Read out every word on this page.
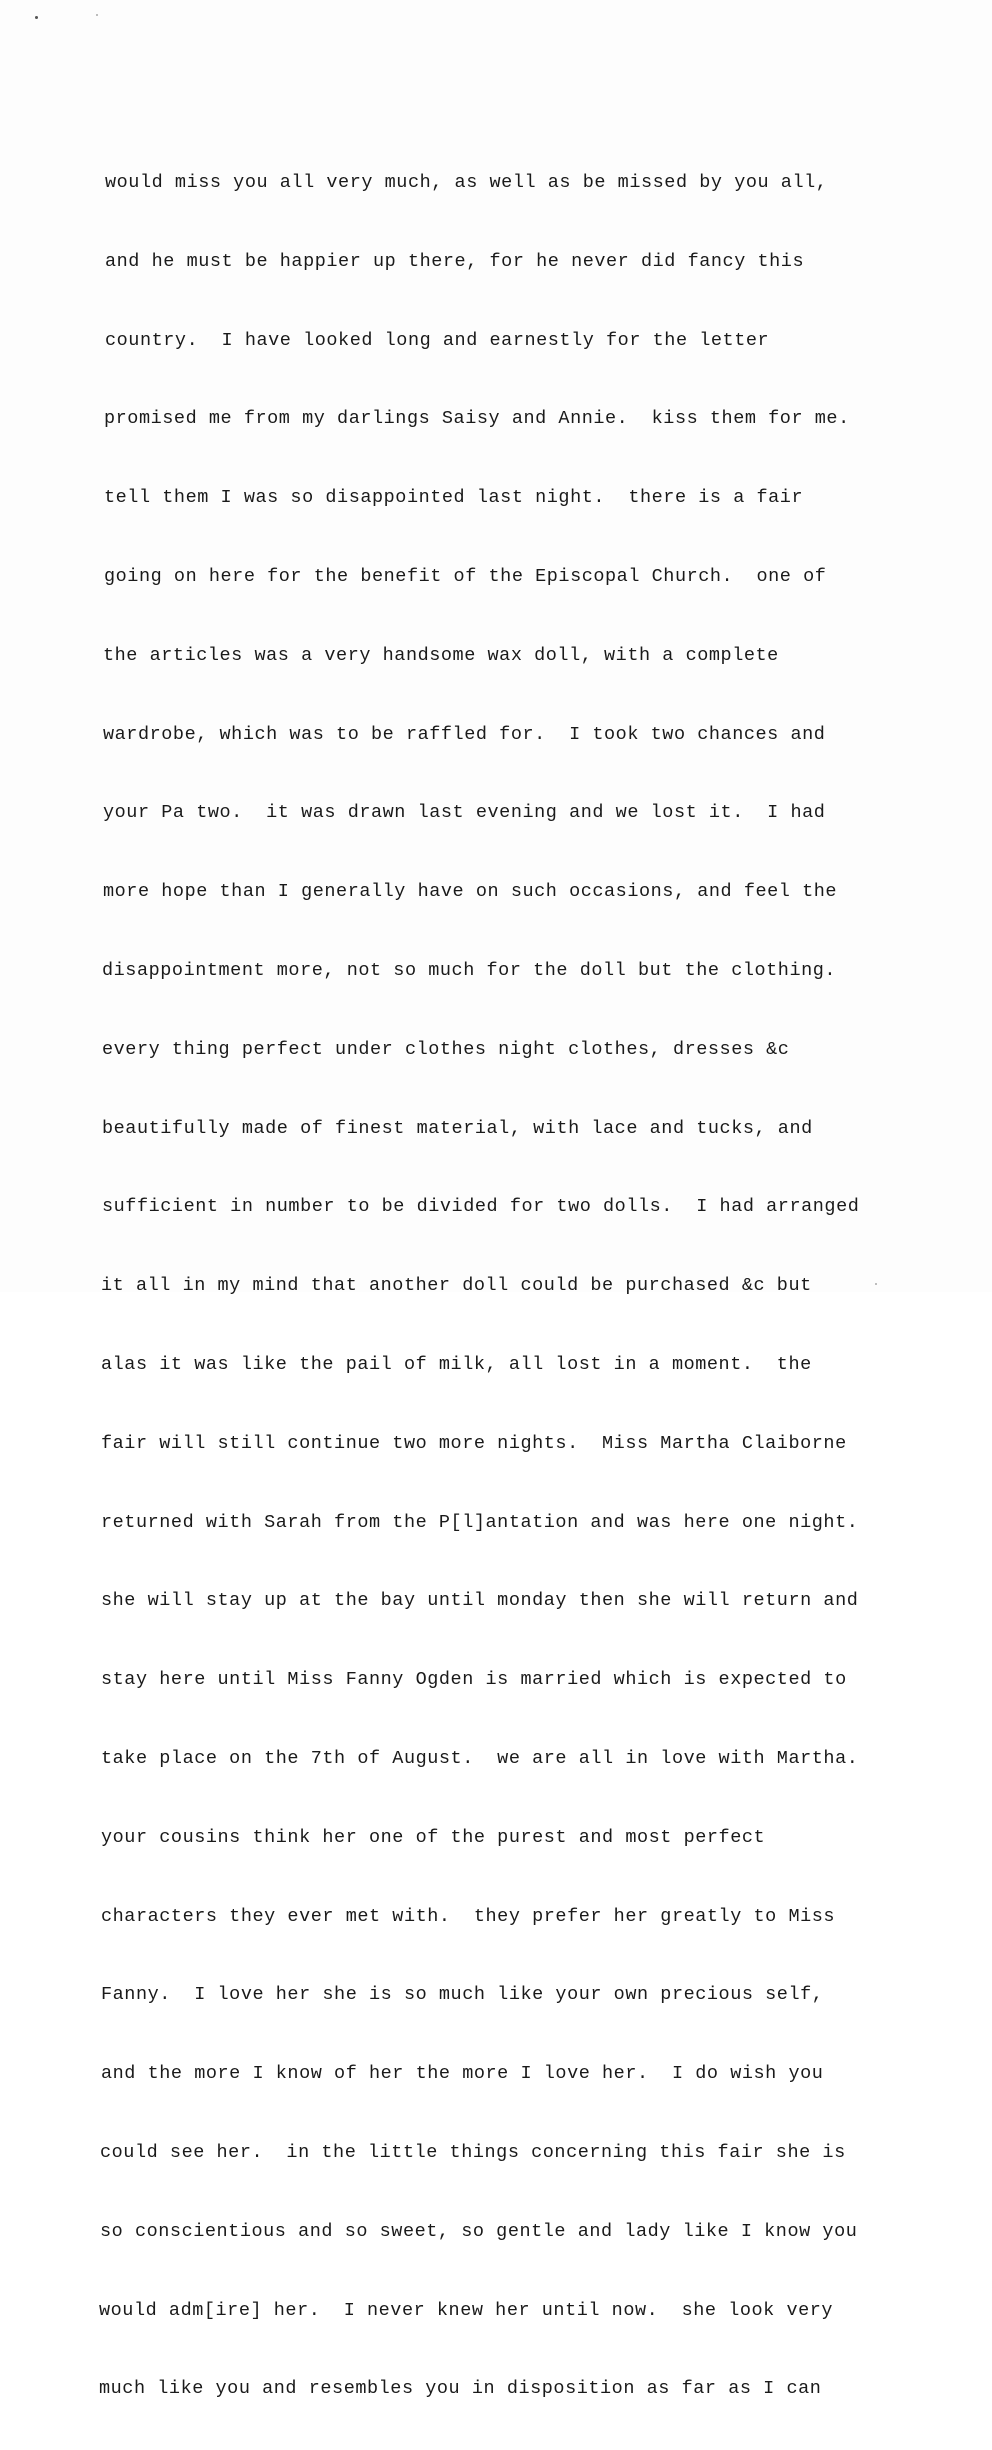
would miss you all very much, as well as be missed by you all,

and he must be happier up there, for he never did fancy this

country.  I have looked long and earnestly for the letter

promised me from my darlings Saisy and Annie.  kiss them for me.

tell them I was so disappointed last night.  there is a fair

going on here for the benefit of the Episcopal Church.  one of

the articles was a very handsome wax doll, with a complete

wardrobe, which was to be raffled for.  I took two chances and

your Pa two.  it was drawn last evening and we lost it.  I had

more hope than I generally have on such occasions, and feel the

disappointment more, not so much for the doll but the clothing.

every thing perfect under clothes night clothes, dresses &c

beautifully made of finest material, with lace and tucks, and

sufficient in number to be divided for two dolls.  I had arranged

it all in my mind that another doll could be purchased &c but

alas it was like the pail of milk, all lost in a moment.  the

fair will still continue two more nights.  Miss Martha Claiborne

returned with Sarah from the P[l]antation and was here one night.

she will stay up at the bay until monday then she will return and

stay here until Miss Fanny Ogden is married which is expected to

take place on the 7th of August.  we are all in love with Martha.

your cousins think her one of the purest and most perfect

characters they ever met with.  they prefer her greatly to Miss

Fanny.  I love her she is so much like your own precious self,

and the more I know of her the more I love her.  I do wish you

could see her.  in the little things concerning this fair she is

so conscientious and so sweet, so gentle and lady like I know you

would adm[ire] her.  I never knew her until now.  she look very

much like you and resembles you in disposition as far as I can
